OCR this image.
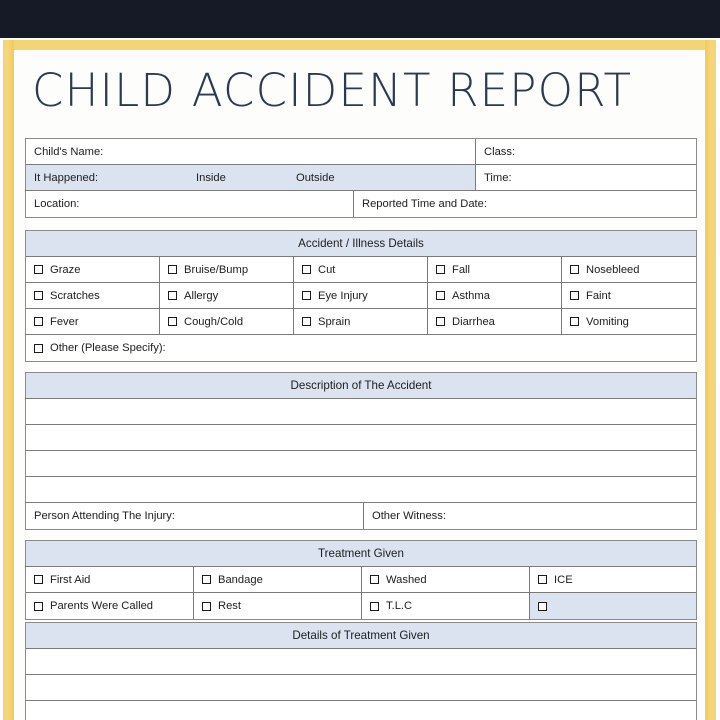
CHILD ACCIDENT REPORT
Child's Name:	Class:
It Happened:	Inside	Outside	Time:
Location:	Reported Time and Date:
Accident / Illness Details
Graze	Bruise/Bump	Cut	Fall	Nosebleed
Scratches	Allergy	Eye Injury	Asthma	Faint
Fever	Cough/Cold	Sprain	Diarrhea	Vomiting
Other (Please Specify):
Description of The Accident
Person Attending The Injury:	Other Witness:
Treatment Given
First Aid	Bandage	Washed	ICE
Parents Were Called	Rest	T.L.C
Details of Treatment Given
